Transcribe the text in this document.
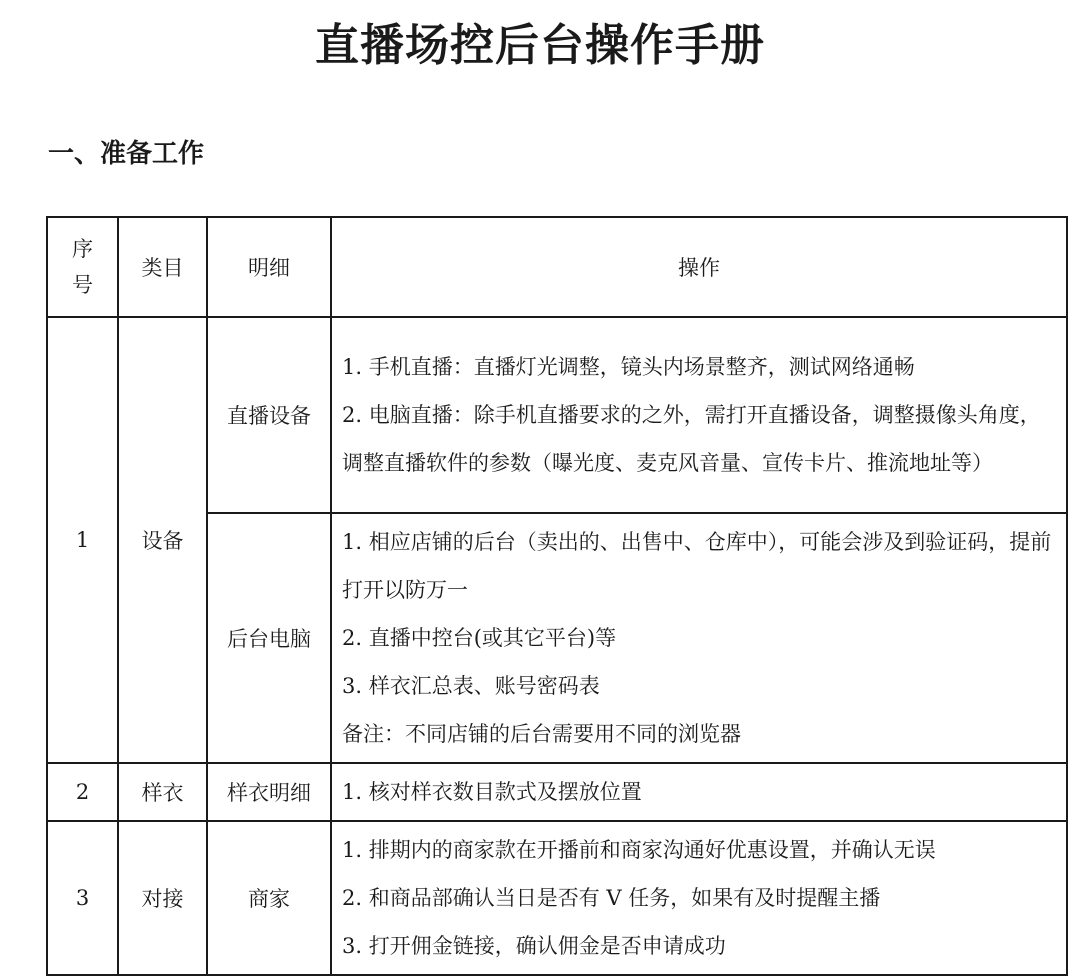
直播场控后台操作手册
一、准备工作
序
号	类目	明细	操作
1	设备	直播设备	1. 手机直播：直播灯光调整，镜头内场景整齐，测试网络通畅
2. 电脑直播：除手机直播要求的之外，需打开直播设备，调整摄像头角度，调整直播软件的参数（曝光度、麦克风音量、宣传卡片、推流地址等）

		后台电脑	1. 相应店铺的后台（卖出的、出售中、仓库中），可能会涉及到验证码，提前打开以防万一
2. 直播中控台(或其它平台)等
3. 样衣汇总表、账号密码表
备注：不同店铺的后台需要用不同的浏览器

2	样衣	样衣明细	1. 核对样衣数目款式及摆放位置

3	对接	商家	1. 排期内的商家款在开播前和商家沟通好优惠设置，并确认无误
2. 和商品部确认当日是否有 V 任务，如果有及时提醒主播
3. 打开佣金链接，确认佣金是否申请成功
